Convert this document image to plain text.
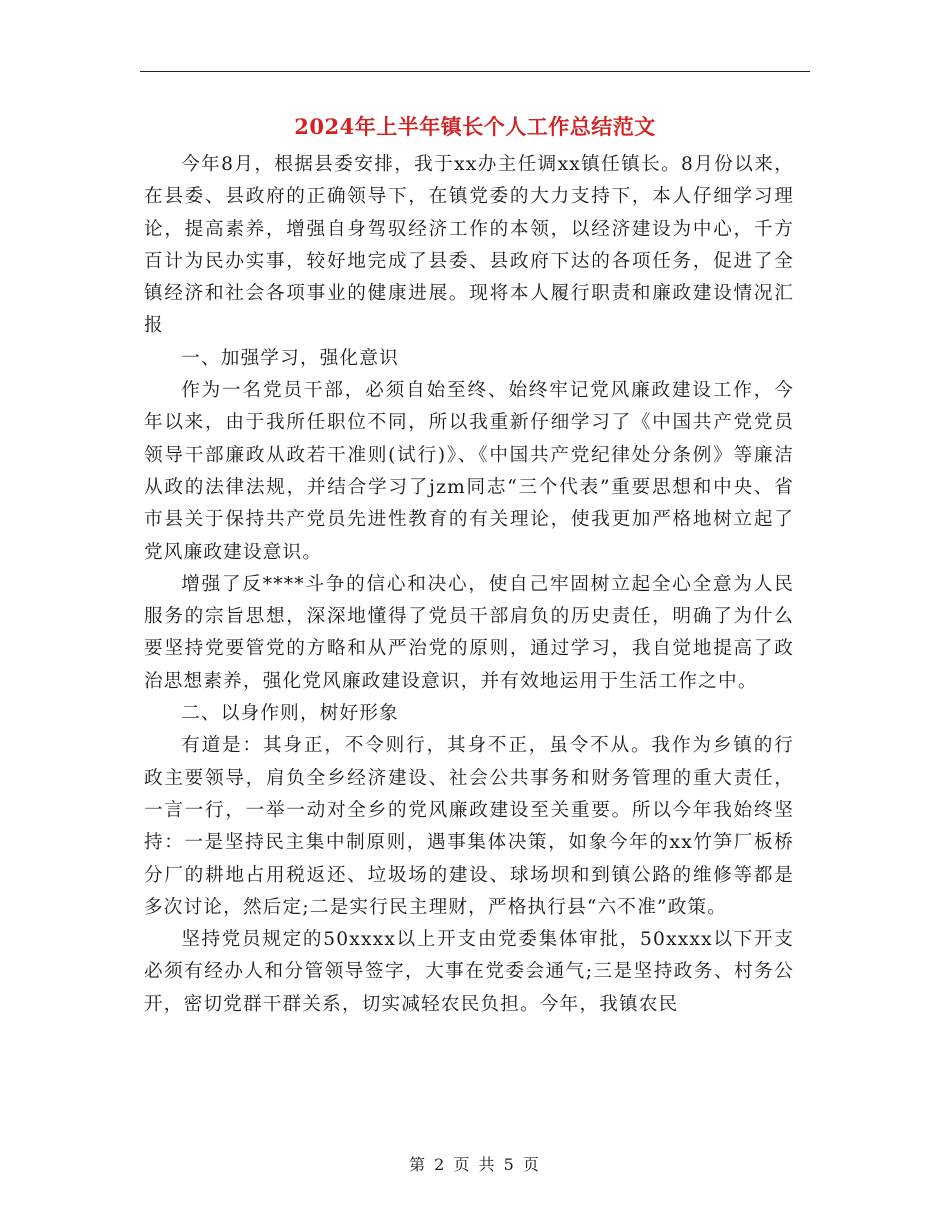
2024年上半年镇长个人工作总结范文

今年8月，根据县委安排，我于xx办主任调xx镇任镇长。8月份以来，在县委、县政府的正确领导下，在镇党委的大力支持下，本人仔细学习理论，提高素养，增强自身驾驭经济工作的本领，以经济建设为中心，千方百计为民办实事，较好地完成了县委、县政府下达的各项任务，促进了全镇经济和社会各项事业的健康进展。现将本人履行职责和廉政建设情况汇报

一、加强学习，强化意识

作为一名党员干部，必须自始至终、始终牢记党风廉政建设工作，今年以来，由于我所任职位不同，所以我重新仔细学习了《中国共产党党员领导干部廉政从政若干准则(试行)》、《中国共产党纪律处分条例》等廉洁从政的法律法规，并结合学习了jzm同志“三个代表”重要思想和中央、省市县关于保持共产党员先进性教育的有关理论，使我更加严格地树立起了党风廉政建设意识。

增强了反****斗争的信心和决心，使自己牢固树立起全心全意为人民服务的宗旨思想，深深地懂得了党员干部肩负的历史责任，明确了为什么要坚持党要管党的方略和从严治党的原则，通过学习，我自觉地提高了政治思想素养，强化党风廉政建设意识，并有效地运用于生活工作之中。

二、以身作则，树好形象

有道是：其身正，不令则行，其身不正，虽令不从。我作为乡镇的行政主要领导，肩负全乡经济建设、社会公共事务和财务管理的重大责任，一言一行，一举一动对全乡的党风廉政建设至关重要。所以今年我始终坚持：一是坚持民主集中制原则，遇事集体决策，如象今年的xx竹笋厂板桥分厂的耕地占用税返还、垃圾场的建设、球场坝和到镇公路的维修等都是多次讨论，然后定;二是实行民主理财，严格执行县“六不准”政策。

坚持党员规定的50xxxx以上开支由党委集体审批，50xxxx以下开支必须有经办人和分管领导签字，大事在党委会通气;三是坚持政务、村务公开，密切党群干群关系，切实减轻农民负担。今年，我镇农民

第 2 页 共 5 页
